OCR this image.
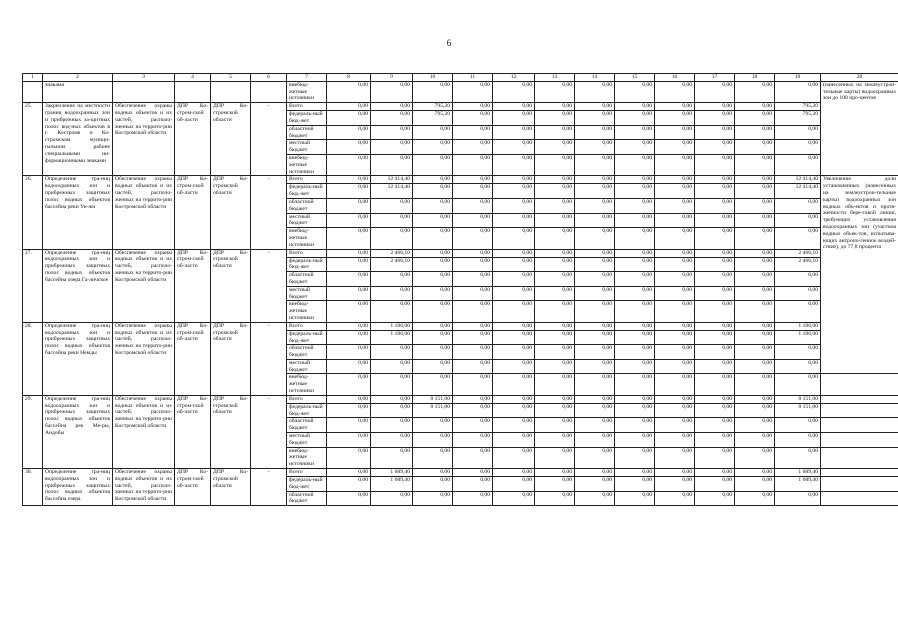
6
1	2	3	4	5	6	7	8	9	10	11	12	13	14	15	16	17	18	19	20	
	знаками					внебюд-жетные источники	0,00	0,00	0,00	0,00	0,00	0,00	0,00	0,00	0,00	0,00	0,00	0,00	(нанесенных на землеустрои-тельные карты) водоохранных зон до 100 про-центов	
25.	Закрепление на местности границ водоохранных зон и прибрежных за-щитных полос вод-ных объектов в г. Костроме и Ко-стромском муници-пальном районе специальными ин-формационными знаками	Обеспечение охраны водных объектов и их частей, располо-женных на террито-рии Костромской области	ДПР Ко-стром-ской об-ласти	ДПР Ко-стромской области	-	Всего	0,00	0,00	795,20	0,00	0,00	0,00	0,00	0,00	0,00	0,00	0,00	795,20		
						федераль-ный бюд-жет	0,00	0,00	795,20	0,00	0,00	0,00	0,00	0,00	0,00	0,00	0,00	795,20		
						областной бюджет	0,00	0,00	0,00	0,00	0,00	0,00	0,00	0,00	0,00	0,00	0,00	0,00		
						местный бюджет	0,00	0,00	0,00	0,00	0,00	0,00	0,00	0,00	0,00	0,00	0,00	0,00		
						внебюд-жетные источники	0,00	0,00	0,00	0,00	0,00	0,00	0,00	0,00	0,00	0,00	0,00	0,00		
26.	Определение гра-ниц водоохранных зон и прибрежных защитных полос водных объектов бассейна реки Ун-жи	Обеспечение охраны водных объектов и их частей, располо-женных на террито-рии Костромской области	ДПР Ко-стром-ской об-ласти	ДПР Ко-стромской области	-	Всего	0,00	12 414,40	0,00	0,00	0,00	0,00	0,00	0,00	0,00	0,00	0,00	12 414,40	Увеличение доли установленных (нанесенных на землеустрои-тельные карты) водоохранных зон водных объ-ектов и протя-женности бере-говой линии, требующих установления водоохранных зон (участков водных объек-тов, испытыва-ющих антропо-генное воздей-ствие), до 77,8 процента	
						федераль-ный бюд-жет	0,00	12 414,40	0,00	0,00	0,00	0,00	0,00	0,00	0,00	0,00	0,00	12 414,40		
						областной бюджет	0,00	0,00	0,00	0,00	0,00	0,00	0,00	0,00	0,00	0,00	0,00	0,00		
						местный бюджет	0,00	0,00	0,00	0,00	0,00	0,00	0,00	0,00	0,00	0,00	0,00	0,00		
						внебюд-жетные источники	0,00	0,00	0,00	0,00	0,00	0,00	0,00	0,00	0,00	0,00	0,00	0,00		
27.	Определение гра-ниц водоохранных зон и прибрежных защитных полос водных объектов бассейна озера Га-личское	Обеспечение охраны водных объектов и их частей, располо-женных на террито-рии Костромской области	ДПР Ко-стром-ской об-ласти	ДПР Ко-стромской области	-	Всего	0,00	2 466,10	0,00	0,00	0,00	0,00	0,00	0,00	0,00	0,00	0,00	2 466,10		
						федераль-ный бюд-жет	0,00	2 466,10	0,00	0,00	0,00	0,00	0,00	0,00	0,00	0,00	0,00	2 466,10		
						областной бюджет	0,00	0,00	0,00	0,00	0,00	0,00	0,00	0,00	0,00	0,00	0,00	0,00		
						местный бюджет	0,00	0,00	0,00	0,00	0,00	0,00	0,00	0,00	0,00	0,00	0,00	0,00		
						внебюд-жетные источники	0,00	0,00	0,00	0,00	0,00	0,00	0,00	0,00	0,00	0,00	0,00	0,00		
28.	Определение гра-ниц водоохранных зон и прибрежных защитных полос водных объектов бассейна реки Немды	Обеспечение охраны водных объектов и их частей, располо-женных на террито-рии Костромской области	ДПР Ко-стром-ской об-ласти	ДПР Ко-стромской области	-	Всего	0,00	1 186,00	0,00	0,00	0,00	0,00	0,00	0,00	0,00	0,00	0,00	1 186,00		
						федераль-ный бюд-жет	0,00	1 186,00	0,00	0,00	0,00	0,00	0,00	0,00	0,00	0,00	0,00	1 186,00		
						областной бюджет	0,00	0,00	0,00	0,00	0,00	0,00	0,00	0,00	0,00	0,00	0,00	0,00		
						местный бюджет	0,00	0,00	0,00	0,00	0,00	0,00	0,00	0,00	0,00	0,00	0,00	0,00		
						внебюд-жетные источники	0,00	0,00	0,00	0,00	0,00	0,00	0,00	0,00	0,00	0,00	0,00	0,00		
29.	Определение гра-ниц водоохранных зон и прибрежных защитных полос водных объектов бассейна рек Ме-ры, Андобы	Обеспечение охраны водных объектов и их частей, располо-женных на террито-рии Костромской области	ДПР Ко-стром-ской об-ласти	ДПР Ко-стромской области	-	Всего	0,00	0,00	8 151,00	0,00	0,00	0,00	0,00	0,00	0,00	0,00	0,00	8 151,00		
						федераль-ный бюд-жет	0,00	0,00	8 151,00	0,00	0,00	0,00	0,00	0,00	0,00	0,00	0,00	8 151,00		
						областной бюджет	0,00	0,00	0,00	0,00	0,00	0,00	0,00	0,00	0,00	0,00	0,00	0,00		
						местный бюджет	0,00	0,00	0,00	0,00	0,00	0,00	0,00	0,00	0,00	0,00	0,00	0,00		
						внебюд-жетные источники	0,00	0,00	0,00	0,00	0,00	0,00	0,00	0,00	0,00	0,00	0,00	0,00		
30.	Определение гра-ниц водоохранных зон и прибрежных защитных полос водных объектов бассейна озера	Обеспечение охраны водных объектов и их частей, располо-женных на террито-рии Костромской области	ДПР Ко-стром-ской об-ласти	ДПР Ко-стромской области	-	Всего	0,00	1 689,40	0,00	0,00	0,00	0,00	0,00	0,00	0,00	0,00	0,00	1 689,40		
						федераль-ный бюд-жет	0,00	1 689,40	0,00	0,00	0,00	0,00	0,00	0,00	0,00	0,00	0,00	1 689,40		
						областной бюджет	0,00	0,00	0,00	0,00	0,00	0,00	0,00	0,00	0,00	0,00	0,00	0,00		
